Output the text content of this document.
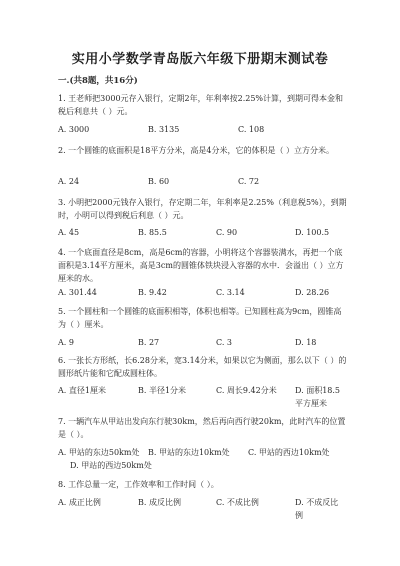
实用小学数学青岛版六年级下册期末测试卷
一.(共8题，共16分)
1. 王老师把3000元存入银行，定期2年，年利率按2.25%计算，到期可得本金和税后利息共（ ）元。
A. 3000	B. 3135	C. 108
2. 一个圆锥的底面积是18平方分米，高是4分米，它的体积是（ ）立方分米。
A. 24	B. 60	C. 72
3. 小明把2000元钱存入银行，存定期二年，年利率是2.25%（利息税5%），到期时，小明可以得到税后利息（ ）元。
A. 45	B. 85.5	C. 90	D. 100.5
4. 一个底面直径是8cm，高是6cm的容器，小明将这个容器装满水，再把一个底面积是3.14平方厘米，高是3cm的圆锥体铁块浸入容器的水中．会溢出（ ）立方厘米的水。
A. 301.44	B. 9.42	C. 3.14	D. 28.26
5. 一个圆柱和一个圆锥的底面积相等，体积也相等。已知圆柱高为9cm，圆锥高为（ ）厘米。
A. 9	B. 27	C. 3	D. 18
6. 一张长方形纸，长6.28分米，宽3.14分米，如果以它为侧面，那么以下（ ）的圆形纸片能和它配成圆柱体。
A. 直径1厘米	B. 半径1分米	C. 周长9.42分米 D. 面积18.5平方厘米
7. 一辆汽车从甲站出发向东行驶30km，然后再向西行驶20km，此时汽车的位置是（ ）。
A. 甲站的东边50km处 B. 甲站的东边10km处 C. 甲站的西边10km处
D. 甲站的西边50km处
8. 工作总量一定，工作效率和工作时间（ ）。
A. 成正比例	B. 成反比例	C. 不成比例	D. 不成反比例
